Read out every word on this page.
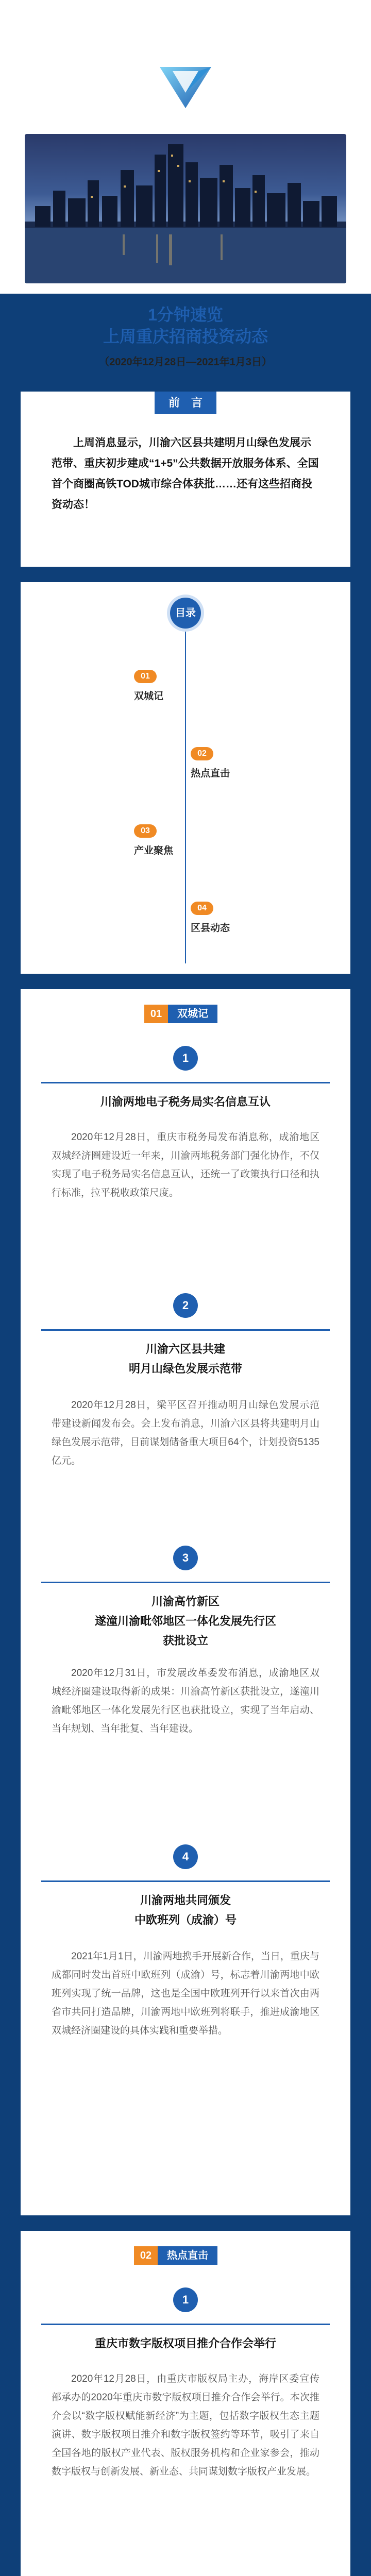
1分钟速览
上周重庆招商投资动态
（2020年12月28日—2021年1月3日）
前　言
上周消息显示，川渝六区县共建明月山绿色发展示范带、重庆初步建成“1+5”公共数据开放服务体系、全国首个商圈高铁TOD城市综合体获批……还有这些招商投资动态！
目录
01
双城记
02
热点直击
03
产业聚焦
04
区县动态
01 双城记
1
川渝两地电子税务局实名信息互认
2020年12月28日，重庆市税务局发布消息称，成渝地区双城经济圈建设近一年来，川渝两地税务部门强化协作，不仅实现了电子税务局实名信息互认，还统一了政策执行口径和执行标准，拉平税收政策尺度。
2
川渝六区县共建
明月山绿色发展示范带
2020年12月28日，梁平区召开推动明月山绿色发展示范带建设新闻发布会。会上发布消息，川渝六区县将共建明月山绿色发展示范带，目前谋划储备重大项目64个，计划投资5135亿元。
3
川渝高竹新区
遂潼川渝毗邻地区一体化发展先行区
获批设立
2020年12月31日，市发展改革委发布消息，成渝地区双城经济圈建设取得新的成果：川渝高竹新区获批设立，遂潼川渝毗邻地区一体化发展先行区也获批设立，实现了当年启动、当年规划、当年批复、当年建设。
4
川渝两地共同颁发
中欧班列（成渝）号
2021年1月1日，川渝两地携手开展新合作，当日，重庆与成都同时发出首班中欧班列（成渝）号，标志着川渝两地中欧班列实现了统一品牌，这也是全国中欧班列开行以来首次由两省市共同打造品牌，川渝两地中欧班列将联手，推进成渝地区双城经济圈建设的具体实践和重要举措。
02 热点直击
1
重庆市数字版权项目推介合作会举行
2020年12月28日，由重庆市版权局主办，海岸区委宣传部承办的2020年重庆市数字版权项目推介合作会举行。本次推介会以“数字版权赋能新经济”为主题，包括数字版权生态主题演讲、数字版权项目推介和数字版权签约等环节，吸引了来自全国各地的版权产业代表、版权服务机构和企业家参会，推动数字版权与创新发展、新业态、共同谋划数字版权产业发展。
